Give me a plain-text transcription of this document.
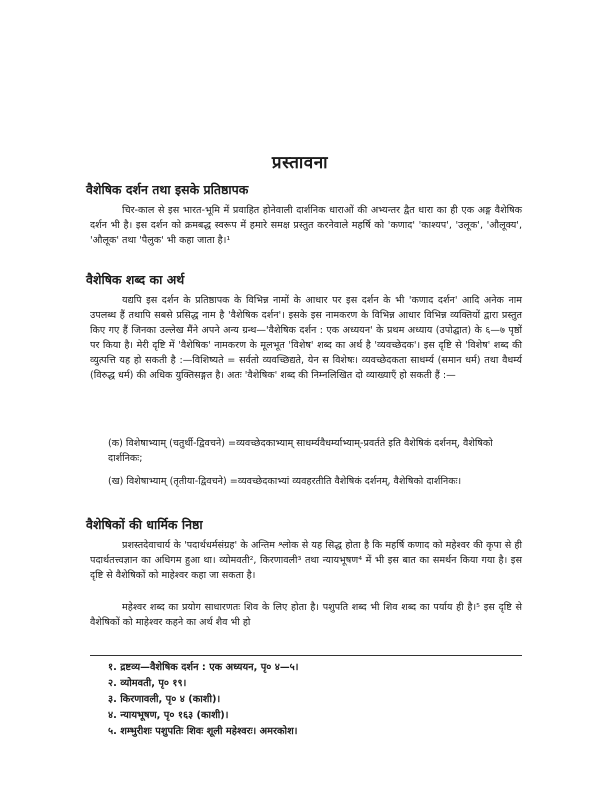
प्रस्तावना
वैशेषिक दर्शन तथा इसके प्रतिष्ठापक
चिर-काल से इस भारत-भूमि में प्रवाहित होनेवाली दार्शनिक धाराओं की अभ्यन्तर द्वैत धारा का ही एक अङ्ग वैशेषिक दर्शन भी है। इस दर्शन को क्रमबद्ध स्वरूप में हमारे समक्ष प्रस्तुत करनेवाले महर्षि को 'कणाद' 'काश्यप', 'उलूक', 'औलूक्य', 'औलूक' तथा 'पैलुक' भी कहा जाता है।¹
वैशेषिक शब्द का अर्थ
यद्यपि इस दर्शन के प्रतिष्ठापक के विभिन्न नामों के आधार पर इस दर्शन के भी 'कणाद दर्शन' आदि अनेक नाम उपलब्ध हैं तथापि सबसे प्रसिद्ध नाम है 'वैशेषिक दर्शन'। इसके इस नामकरण के विभिन्न आधार विभिन्न व्यक्तियों द्वारा प्रस्तुत किए गए हैं जिनका उल्लेख मैंने अपने अन्य ग्रन्थ—'वैशेषिक दर्शन : एक अध्ययन' के प्रथम अध्याय (उपोद्घात) के ६—७ पृष्ठों पर किया है। मेरी दृष्टि में 'वैशेषिक' नामकरण के मूलभूत 'विशेष' शब्द का अर्थ है 'व्यवच्छेदक'। इस दृष्टि से 'विशेष' शब्द की व्युत्पत्ति यह हो सकती है :—विशिष्यते = सर्वतो व्यवच्छिद्यते, येन स विशेषः। व्यवच्छेदकता साधर्म्य (समान धर्म) तथा वैधर्म्य (विरुद्ध धर्म) की अधिक युक्तिसङ्गत है। अतः 'वैशेषिक' शब्द की निम्नलिखित दो व्याख्याएँ हो सकती हैं :—
(क) विशेषाभ्याम् (चतुर्थी-द्विवचने) =व्यवच्छेदकाभ्याम् साधर्म्यवैधर्म्याभ्याम्-प्रवर्तते इति वैशेषिकं दर्शनम्, वैशेषिको दार्शनिकः;
(ख) विशेषाभ्याम् (तृतीया-द्विवचने) =व्यवच्छेदकाभ्यां व्यवहरतीति वैशेषिकं दर्शनम्, वैशेषिको दार्शनिकः।
वैशेषिकों की धार्मिक निष्ठा
प्रशस्तदेवाचार्य के 'पदार्थधर्मसंग्रह' के अन्तिम श्लोक से यह सिद्ध होता है कि महर्षि कणाद को महेश्वर की कृपा से ही पदार्थतत्त्वज्ञान का अधिगम हुआ था। व्योमवती², किरणावली³ तथा न्यायभूषण⁴ में भी इस बात का समर्थन किया गया है। इस दृष्टि से वैशेषिकों को माहेश्वर कहा जा सकता है।
महेश्वर शब्द का प्रयोग साधारणतः शिव के लिए होता है। पशुपति शब्द भी शिव शब्द का पर्याय ही है।⁵ इस दृष्टि से वैशेषिकों को माहेश्वर कहने का अर्थ शैव भी हो
१. द्रष्टव्य—वैशेषिक दर्शन : एक अध्ययन, पृ० ४—५।
२. व्योमवती, पृ० १९।
३. किरणावली, पृ० ४ (काशी)।
४. न्यायभूषण, पृ० १६३ (काशी)।
५. शम्भुरीशः पशुपतिः शिवः शूली महेश्वरः। अमरकोश।
